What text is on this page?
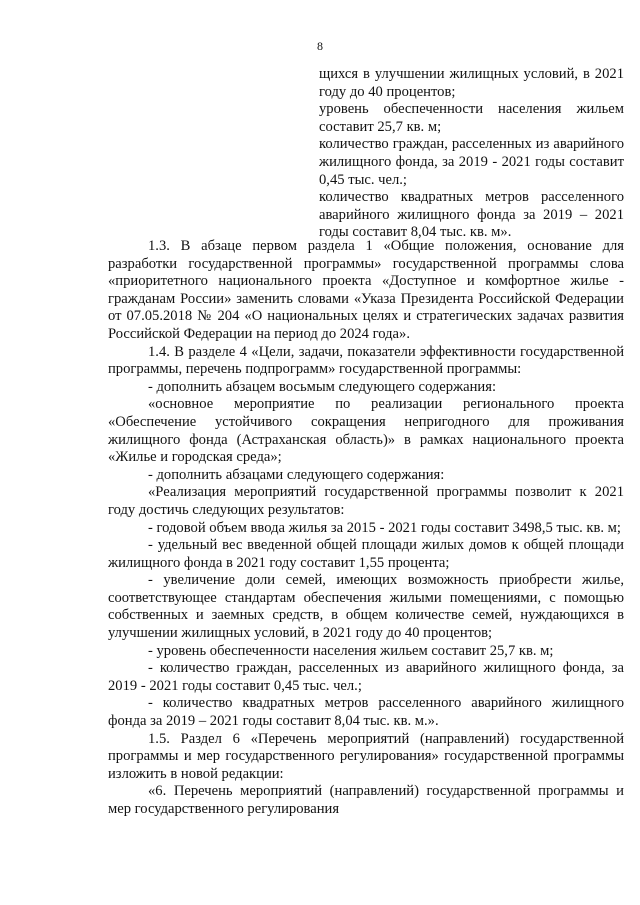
8

щихся в улучшении жилищных условий, в 2021 году до 40 процентов;

уровень обеспеченности населения жильем составит 25,7 кв. м;

количество граждан, расселенных из аварийного жилищного фонда, за 2019 - 2021 годы составит 0,45 тыс. чел.;

количество квадратных метров расселенного аварийного жилищного фонда за 2019 – 2021 годы составит 8,04 тыс. кв. м».

1.3. В абзаце первом раздела 1 «Общие положения, основание для разработки государственной программы» государственной программы слова «приоритетного национального проекта «Доступное и комфортное жилье - гражданам России» заменить словами «Указа Президента Российской Федерации от 07.05.2018 № 204 «О национальных целях и стратегических задачах развития Российской Федерации на период до 2024 года».

1.4. В разделе 4 «Цели, задачи, показатели эффективности государственной программы, перечень подпрограмм» государственной программы:

- дополнить абзацем восьмым следующего содержания:

«основное мероприятие по реализации регионального проекта «Обеспечение устойчивого сокращения непригодного для проживания жилищного фонда (Астраханская область)» в рамках национального проекта «Жилье и городская среда»;

- дополнить абзацами следующего содержания:

«Реализация мероприятий государственной программы позволит к 2021 году достичь следующих результатов:

- годовой объем ввода жилья за 2015 - 2021 годы составит 3498,5 тыс. кв. м;

- удельный вес введенной общей площади жилых домов к общей площади жилищного фонда в 2021 году составит 1,55 процента;

- увеличение доли семей, имеющих возможность приобрести жилье, соответствующее стандартам обеспечения жилыми помещениями, с помощью собственных и заемных средств, в общем количестве семей, нуждающихся в улучшении жилищных условий, в 2021 году до 40 процентов;

- уровень обеспеченности населения жильем составит 25,7 кв. м;

- количество граждан, расселенных из аварийного жилищного фонда, за 2019 - 2021 годы составит 0,45 тыс. чел.;

- количество квадратных метров расселенного аварийного жилищного фонда за 2019 – 2021 годы составит 8,04 тыс. кв. м.».

1.5. Раздел 6 «Перечень мероприятий (направлений) государственной программы и мер государственного регулирования» государственной программы изложить в новой редакции:

«6. Перечень мероприятий (направлений) государственной программы и мер государственного регулирования
